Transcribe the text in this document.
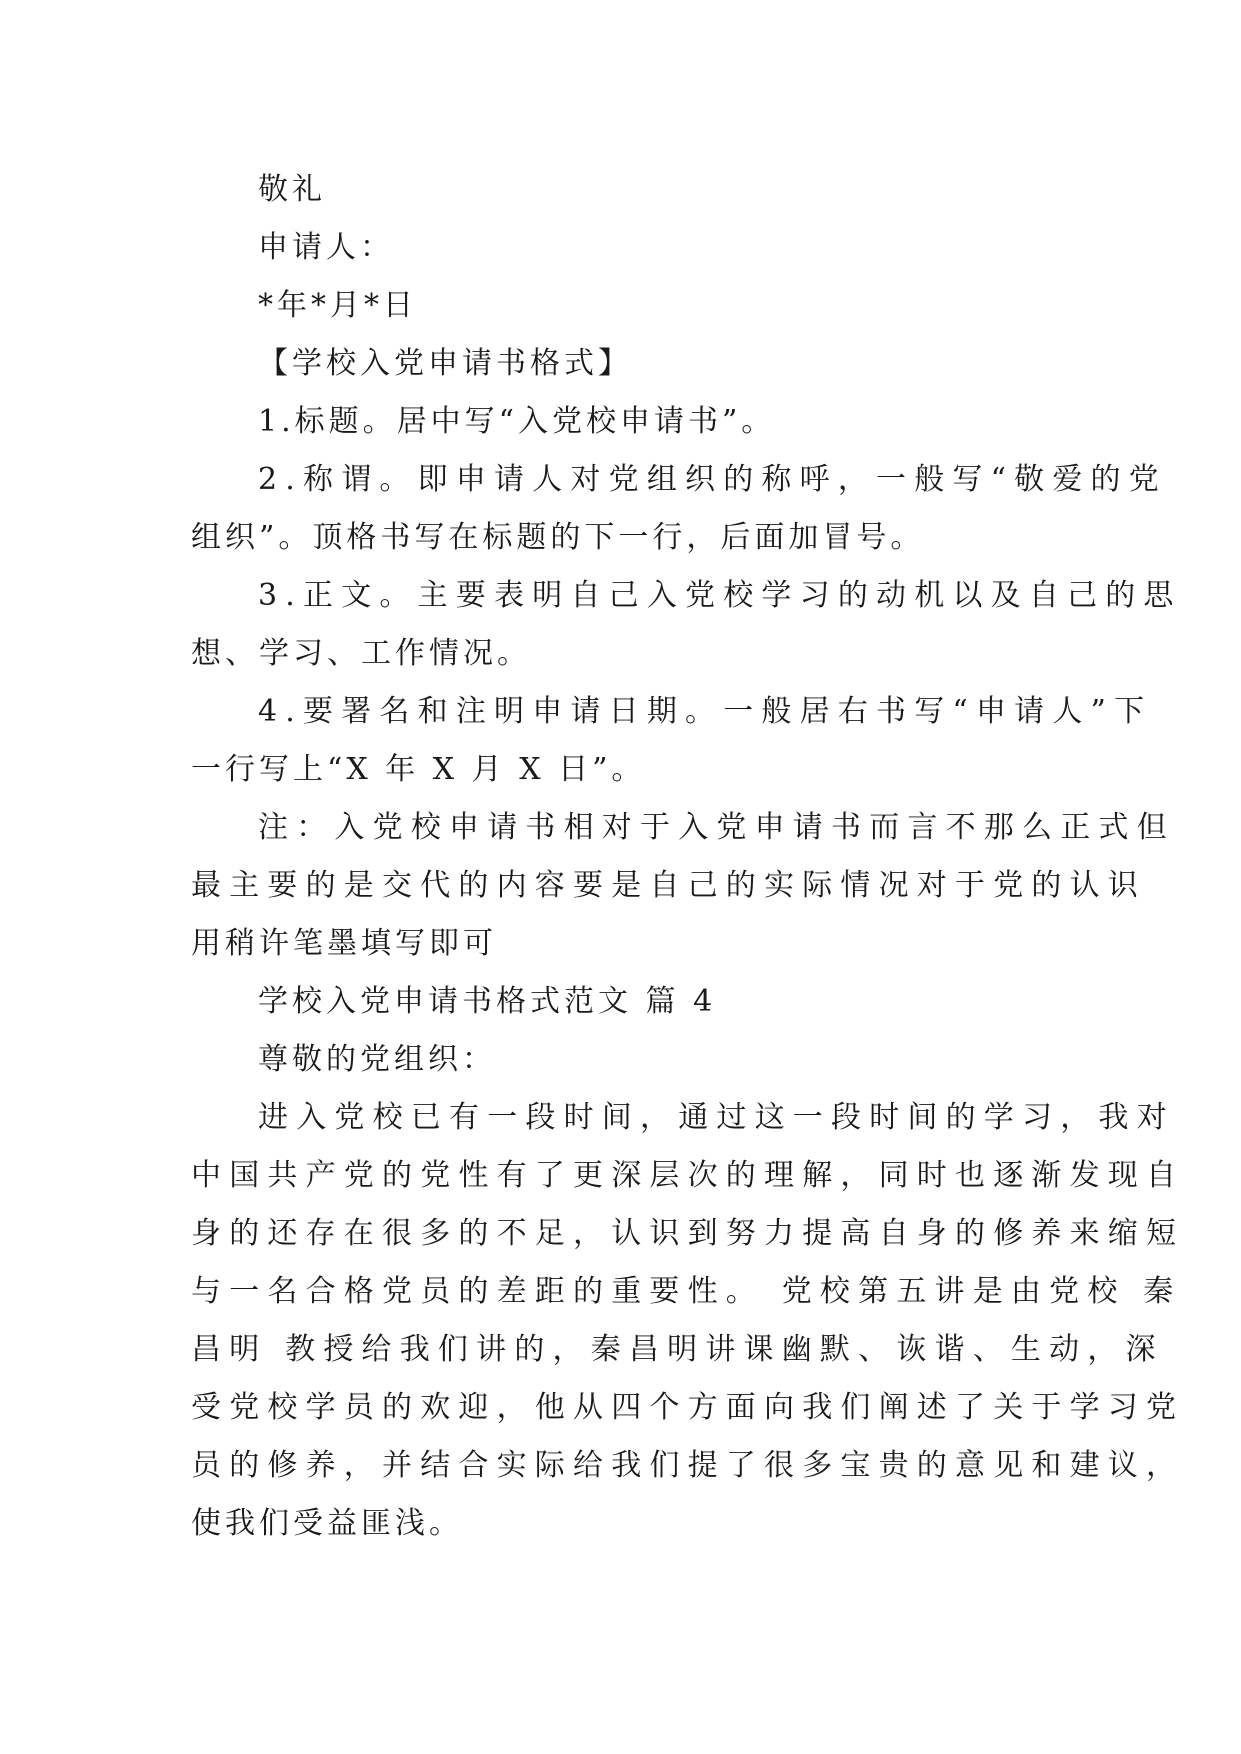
敬礼
申请人：
*年*月*日
【学校入党申请书格式】
1.标题。居中写“入党校申请书”。
2.称谓。即申请人对党组织的称呼，一般写“敬爱的党
组织”。顶格书写在标题的下一行，后面加冒号。
3.正文。主要表明自己入党校学习的动机以及自己的思
想、学习、工作情况。
4.要署名和注明申请日期。一般居右书写“申请人”下
一行写上“X 年 X 月 X 日”。
注：入党校申请书相对于入党申请书而言不那么正式但
最主要的是交代的内容要是自己的实际情况对于党的认识
用稍许笔墨填写即可
学校入党申请书格式范文 篇 4
尊敬的党组织：
进入党校已有一段时间，通过这一段时间的学习，我对
中国共产党的党性有了更深层次的理解，同时也逐渐发现自
身的还存在很多的不足，认识到努力提高自身的修养来缩短
与一名合格党员的差距的重要性。 党校第五讲是由党校 秦
昌明 教授给我们讲的，秦昌明讲课幽默、诙谐、生动，深
受党校学员的欢迎，他从四个方面向我们阐述了关于学习党
员的修养，并结合实际给我们提了很多宝贵的意见和建议，
使我们受益匪浅。
